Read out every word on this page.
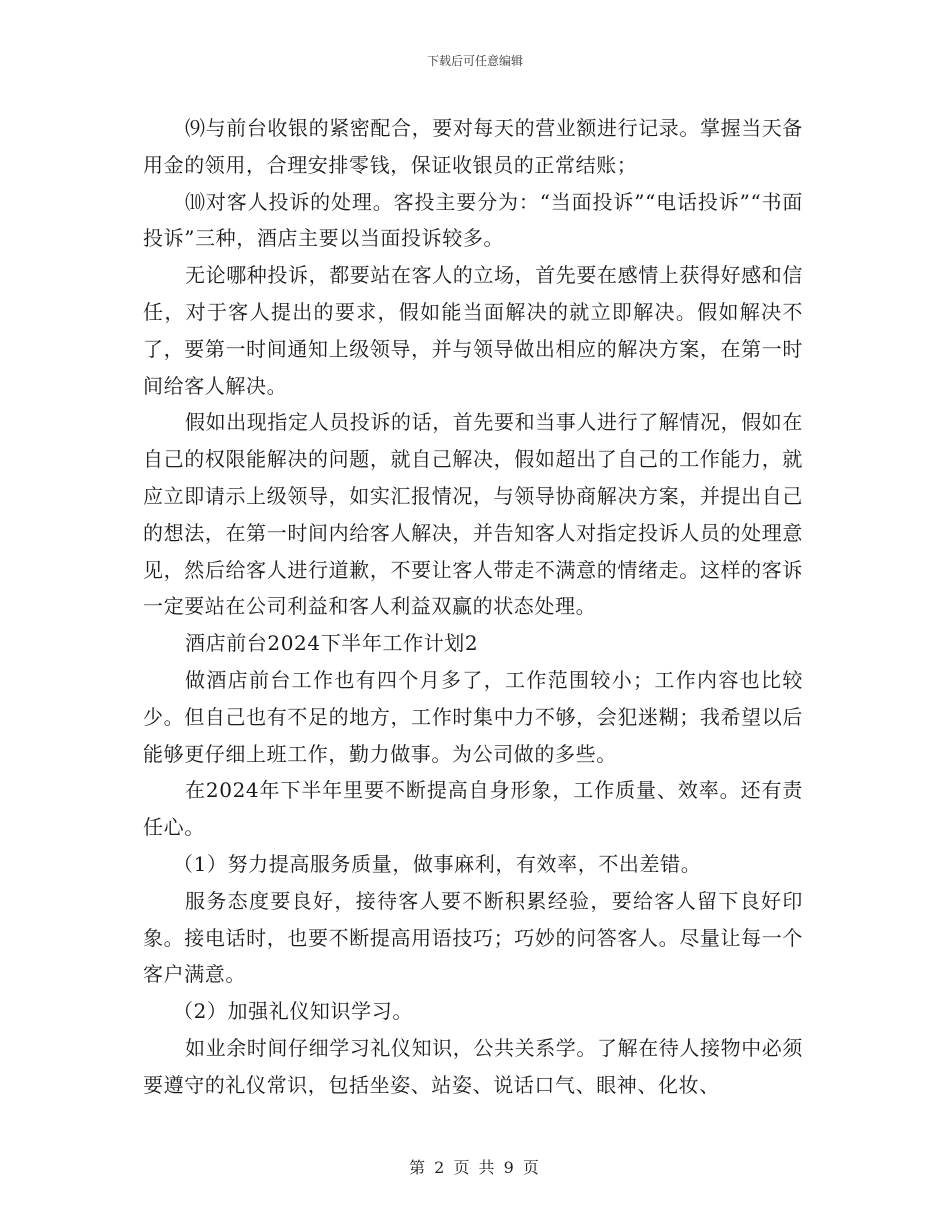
下载后可任意编辑

⑼与前台收银的紧密配合，要对每天的营业额进行记录。掌握当天备用金的领用，合理安排零钱，保证收银员的正常结账；

⑽对客人投诉的处理。客投主要分为：“当面投诉”“电话投诉”“书面投诉”三种，酒店主要以当面投诉较多。

无论哪种投诉，都要站在客人的立场，首先要在感情上获得好感和信任，对于客人提出的要求，假如能当面解决的就立即解决。假如解决不了，要第一时间通知上级领导，并与领导做出相应的解决方案，在第一时间给客人解决。

假如出现指定人员投诉的话，首先要和当事人进行了解情况，假如在自己的权限能解决的问题，就自己解决，假如超出了自己的工作能力，就应立即请示上级领导，如实汇报情况，与领导协商解决方案，并提出自己的想法，在第一时间内给客人解决，并告知客人对指定投诉人员的处理意见，然后给客人进行道歉，不要让客人带走不满意的情绪走。这样的客诉一定要站在公司利益和客人利益双赢的状态处理。

酒店前台2024下半年工作计划2

做酒店前台工作也有四个月多了，工作范围较小；工作内容也比较少。但自己也有不足的地方，工作时集中力不够，会犯迷糊；我希望以后能够更仔细上班工作，勤力做事。为公司做的多些。

在2024年下半年里要不断提高自身形象，工作质量、效率。还有责任心。

（1）努力提高服务质量，做事麻利，有效率，不出差错。

服务态度要良好，接待客人要不断积累经验，要给客人留下良好印象。接电话时，也要不断提高用语技巧；巧妙的问答客人。尽量让每一个客户满意。

（2）加强礼仪知识学习。

如业余时间仔细学习礼仪知识，公共关系学。了解在待人接物中必须要遵守的礼仪常识，包括坐姿、站姿、说话口气、眼神、化妆、

第 2 页 共 9 页
